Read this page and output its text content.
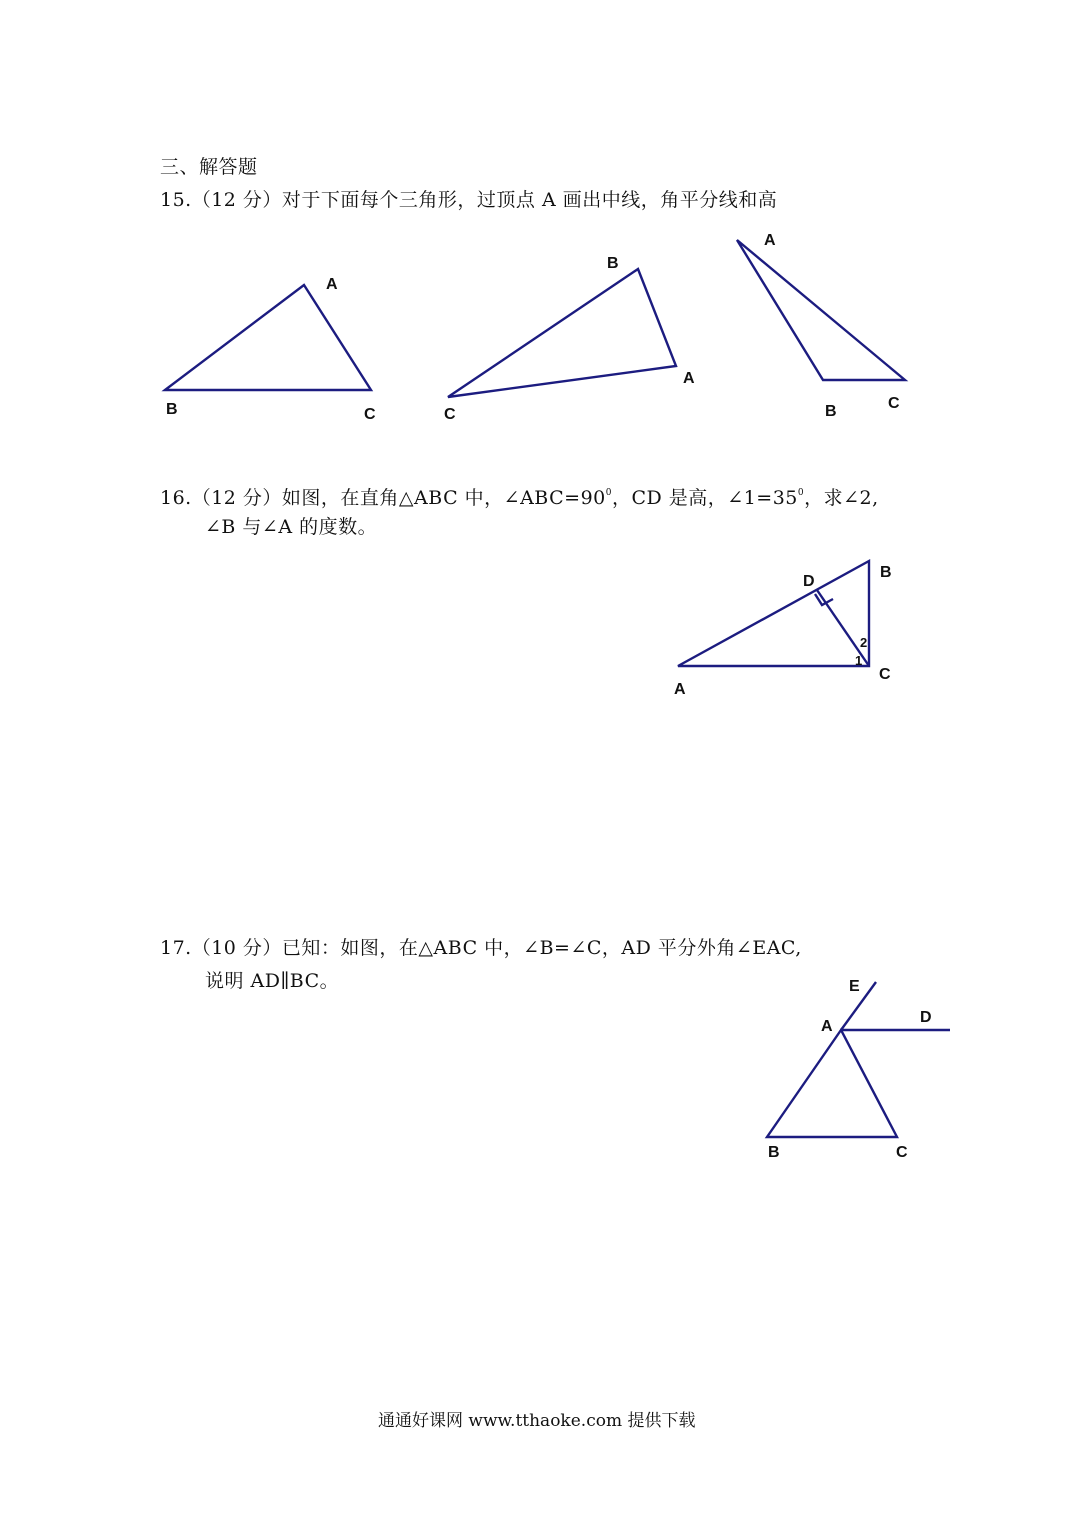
三、解答题
15.（12 分）对于下面每个三角形，过顶点 A 画出中线，角平分线和高
16.（12 分）如图，在直角△ABC 中，$\angle ABC=90^0$，CD 是高，$\angle 1=35^0$，求∠2,
∠B 与∠A 的度数。
17.（10 分）已知：如图，在△ABC 中，∠B=∠C，AD 平分外角∠EAC,
说明 AD∥BC。
A
B	C
B
A
C
A
B	C
D
B
A
C
2
1
E
D
A
B	C
通通好课网 www.tthaoke.com 提供下载
